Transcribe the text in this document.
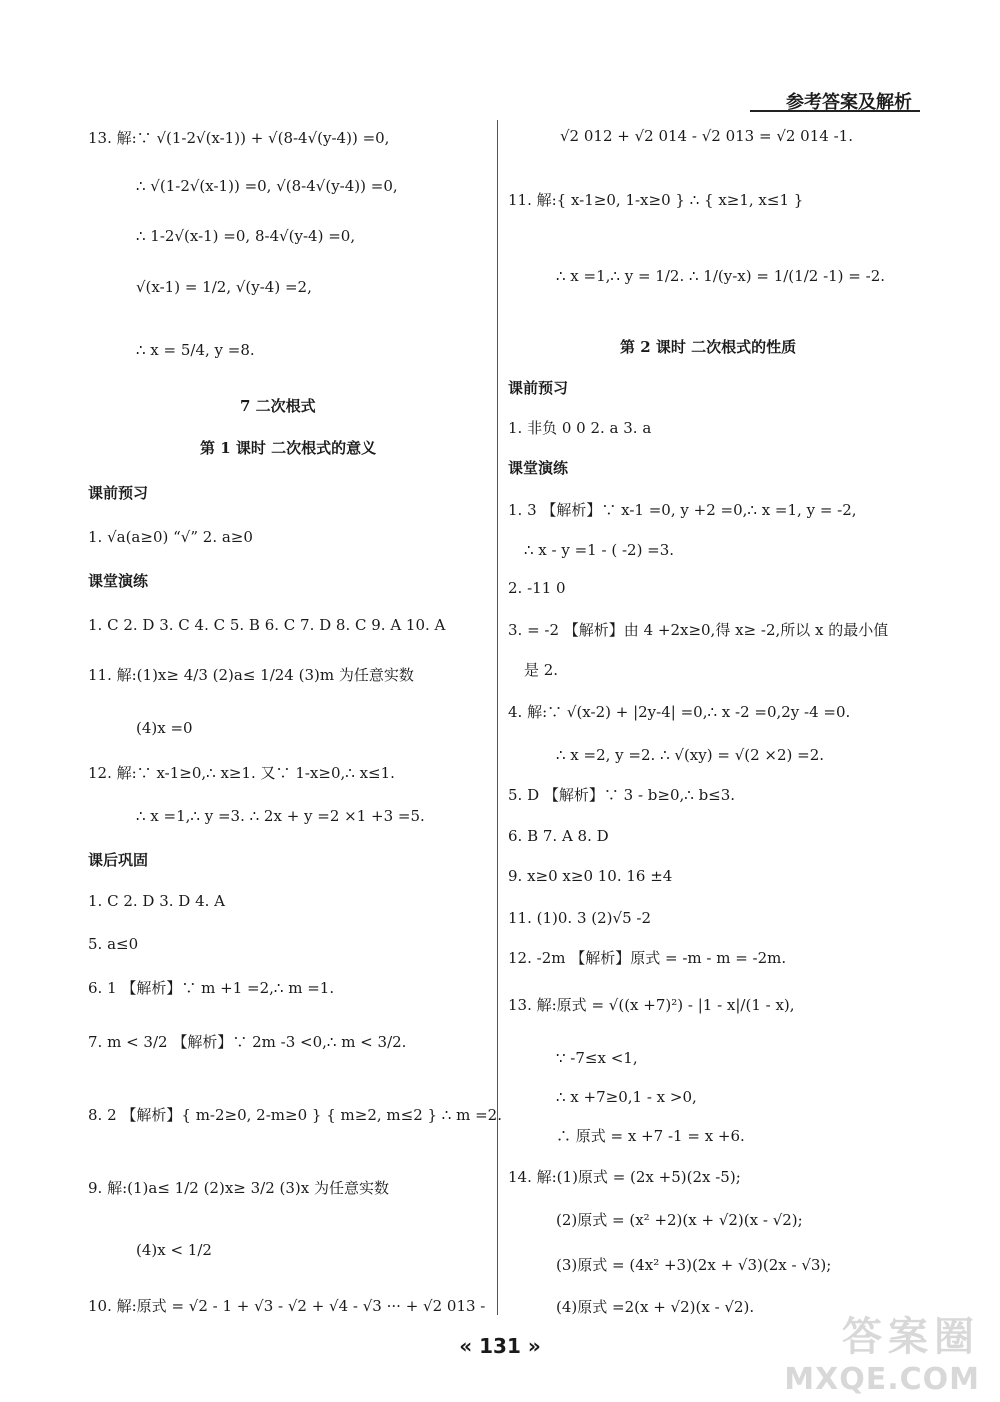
参考答案及解析
13. 解:∵ √(1-2√(x-1)) + √(8-4√(y-4)) =0,
∴ √(1-2√(x-1)) =0, √(8-4√(y-4)) =0,
∴ 1-2√(x-1) =0, 8-4√(y-4) =0,
√(x-1) = 1/2, √(y-4) =2,
∴ x = 5/4, y =8.
7 二次根式
第 1 课时 二次根式的意义
课前预习
1. √a(a≥0) “√” 2. a≥0
课堂演练
1. C 2. D 3. C 4. C 5. B 6. C 7. D 8. C 9. A 10. A
11. 解:(1)x≥ 4/3 (2)a≤ 1/24 (3)m 为任意实数
(4)x =0
12. 解:∵ x-1≥0,∴ x≥1. 又∵ 1-x≥0,∴ x≤1.
∴ x =1,∴ y =3. ∴ 2x + y =2 ×1 +3 =5.
课后巩固
1. C 2. D 3. D 4. A
5. a≤0
6. 1 【解析】∵ m +1 =2,∴ m =1.
7. m < 3/2 【解析】∵ 2m -3 <0,∴ m < 3/2.
8. 2 【解析】{ m-2≥0, 2-m≥0 } { m≥2, m≤2 } ∴ m =2.
9. 解:(1)a≤ 1/2 (2)x≥ 3/2 (3)x 为任意实数
(4)x < 1/2
10. 解:原式 = √2 - 1 + √3 - √2 + √4 - √3 ··· + √2 013 -
√2 012 + √2 014 - √2 013 = √2 014 -1.
11. 解:{ x-1≥0, 1-x≥0 } ∴ { x≥1, x≤1 }
∴ x =1,∴ y = 1/2. ∴ 1/(y-x) = 1/(1/2 -1) = -2.
第 2 课时 二次根式的性质
课前预习
1. 非负 0 0 2. a 3. a
课堂演练
1. 3 【解析】∵ x-1 =0, y +2 =0,∴ x =1, y = -2,
∴ x - y =1 - ( -2) =3.
2. -11 0
3. = -2 【解析】由 4 +2x≥0,得 x≥ -2,所以 x 的最小值
是 2.
4. 解:∵ √(x-2) + |2y-4| =0,∴ x -2 =0,2y -4 =0.
∴ x =2, y =2. ∴ √(xy) = √(2 ×2) =2.
5. D 【解析】∵ 3 - b≥0,∴ b≤3.
6. B 7. A 8. D
9. x≥0 x≥0 10. 16 ±4
11. (1)0. 3 (2)√5 -2
12. -2m 【解析】原式 = -m - m = -2m.
13. 解:原式 = √((x +7)²) - |1 - x|/(1 - x),
∵ -7≤x <1,
∴ x +7≥0,1 - x >0,
∴ 原式 = x +7 -1 = x +6.
14. 解:(1)原式 = (2x +5)(2x -5);
(2)原式 = (x² +2)(x + √2)(x - √2);
(3)原式 = (4x² +3)(2x + √3)(2x - √3);
(4)原式 =2(x + √2)(x - √2).
« 131 »	答案圈
MXQE.COM
